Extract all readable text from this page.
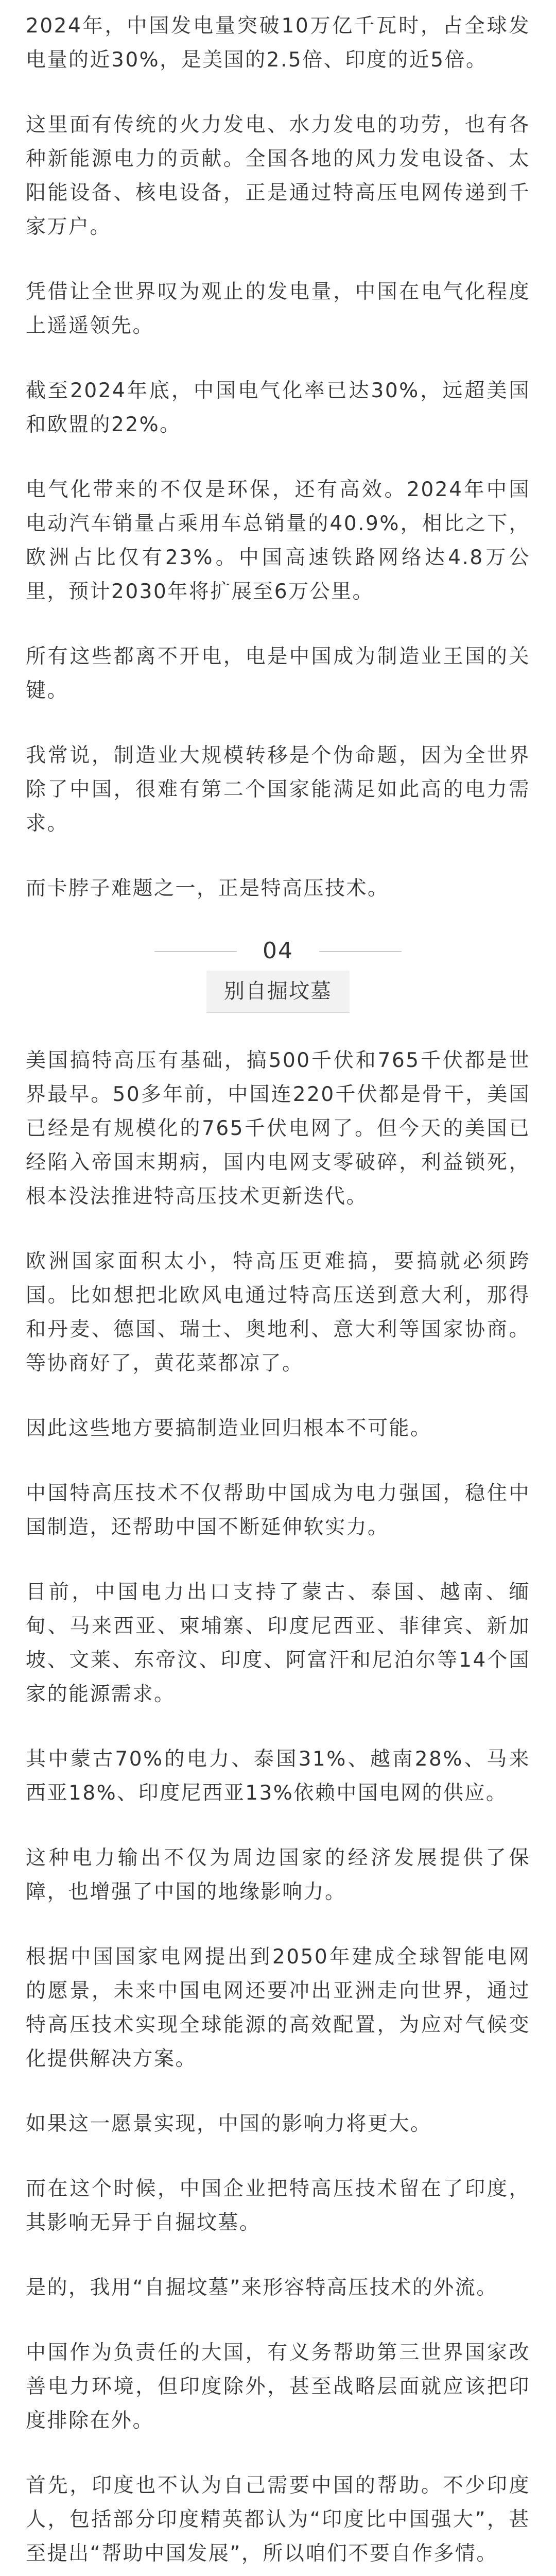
2024年，中国发电量突破10万亿千瓦时，占全球发电量的近30%，是美国的2.5倍、印度的近5倍。

这里面有传统的火力发电、水力发电的功劳，也有各种新能源电力的贡献。全国各地的风力发电设备、太阳能设备、核电设备，正是通过特高压电网传递到千家万户。

凭借让全世界叹为观止的发电量，中国在电气化程度上遥遥领先。

截至2024年底，中国电气化率已达30%，远超美国和欧盟的22%。

电气化带来的不仅是环保，还有高效。2024年中国电动汽车销量占乘用车总销量的40.9%，相比之下，欧洲占比仅有23%。中国高速铁路网络达4.8万公里，预计2030年将扩展至6万公里。

所有这些都离不开电，电是中国成为制造业王国的关键。

我常说，制造业大规模转移是个伪命题，因为全世界除了中国，很难有第二个国家能满足如此高的电力需求。

而卡脖子难题之一，正是特高压技术。

04
别自掘坟墓

美国搞特高压有基础，搞500千伏和765千伏都是世界最早。50多年前，中国连220千伏都是骨干，美国已经是有规模化的765千伏电网了。但今天的美国已经陷入帝国末期病，国内电网支零破碎，利益锁死，根本没法推进特高压技术更新迭代。

欧洲国家面积太小，特高压更难搞，要搞就必须跨国。比如想把北欧风电通过特高压送到意大利，那得和丹麦、德国、瑞士、奥地利、意大利等国家协商。等协商好了，黄花菜都凉了。

因此这些地方要搞制造业回归根本不可能。

中国特高压技术不仅帮助中国成为电力强国，稳住中国制造，还帮助中国不断延伸软实力。

目前，中国电力出口支持了蒙古、泰国、越南、缅甸、马来西亚、柬埔寨、印度尼西亚、菲律宾、新加坡、文莱、东帝汶、印度、阿富汗和尼泊尔等14个国家的能源需求。

其中蒙古70%的电力、泰国31%、越南28%、马来西亚18%、印度尼西亚13%依赖中国电网的供应。

这种电力输出不仅为周边国家的经济发展提供了保障，也增强了中国的地缘影响力。

根据中国国家电网提出到2050年建成全球智能电网的愿景，未来中国电网还要冲出亚洲走向世界，通过特高压技术实现全球能源的高效配置，为应对气候变化提供解决方案。

如果这一愿景实现，中国的影响力将更大。

而在这个时候，中国企业把特高压技术留在了印度，其影响无异于自掘坟墓。

是的，我用“自掘坟墓”来形容特高压技术的外流。

中国作为负责任的大国，有义务帮助第三世界国家改善电力环境，但印度除外，甚至战略层面就应该把印度排除在外。

首先，印度也不认为自己需要中国的帮助。不少印度人，包括部分印度精英都认为“印度比中国强大”，甚至提出“帮助中国发展”，所以咱们不要自作多情。
